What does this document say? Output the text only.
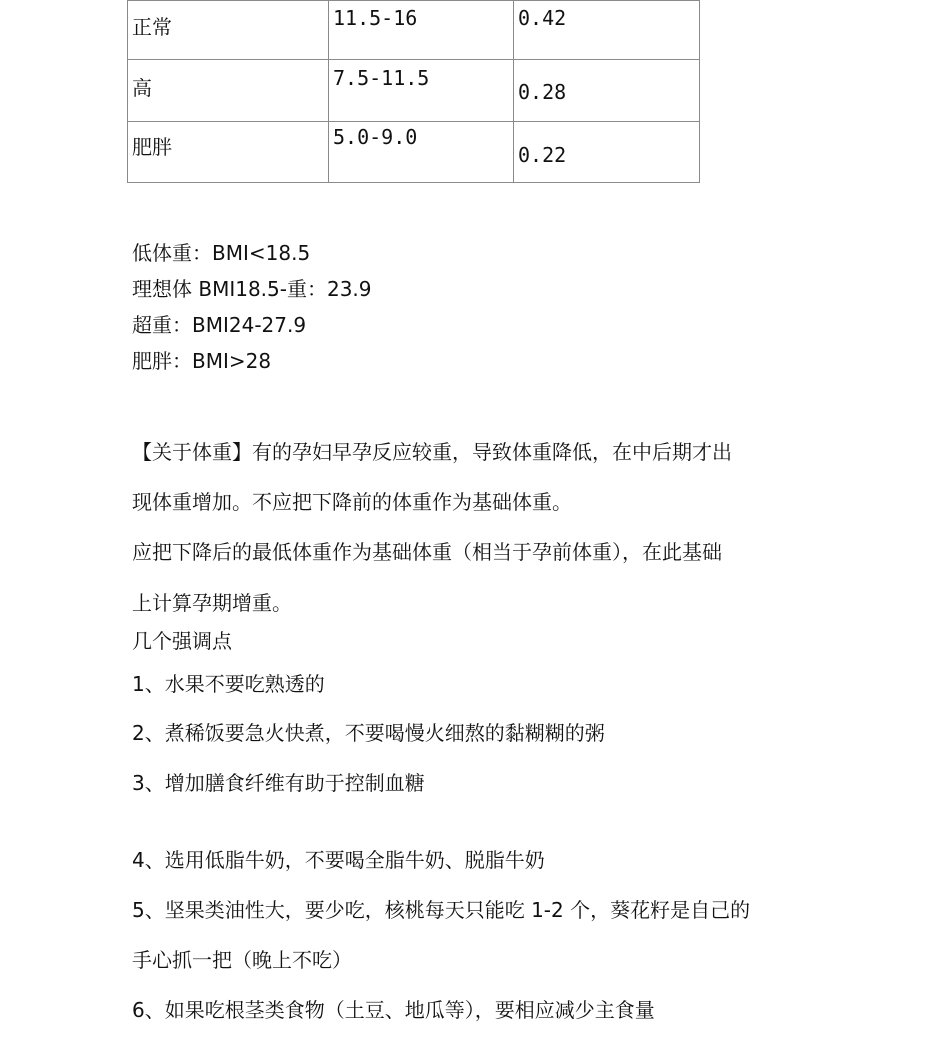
正常	11.5-16	0.42

高	7.5-11.5	0.28

肥胖	5.0-9.0	0.22
低体重：BMI<18.5
理想体 BMI18.5-重：23.9
超重：BMI24-27.9
肥胖：BMI>28
【关于体重】有的孕妇早孕反应较重，导致体重降低，在中后期才出
现体重增加。不应把下降前的体重作为基础体重。
应把下降后的最低体重作为基础体重（相当于孕前体重），在此基础
上计算孕期增重。
几个强调点
1、水果不要吃熟透的
2、煮稀饭要急火快煮，不要喝慢火细熬的黏糊糊的粥
3、增加膳食纤维有助于控制血糖
4、选用低脂牛奶，不要喝全脂牛奶、脱脂牛奶
5、坚果类油性大，要少吃，核桃每天只能吃 1-2 个，葵花籽是自己的
手心抓一把（晚上不吃）
6、如果吃根茎类食物（土豆、地瓜等），要相应减少主食量
